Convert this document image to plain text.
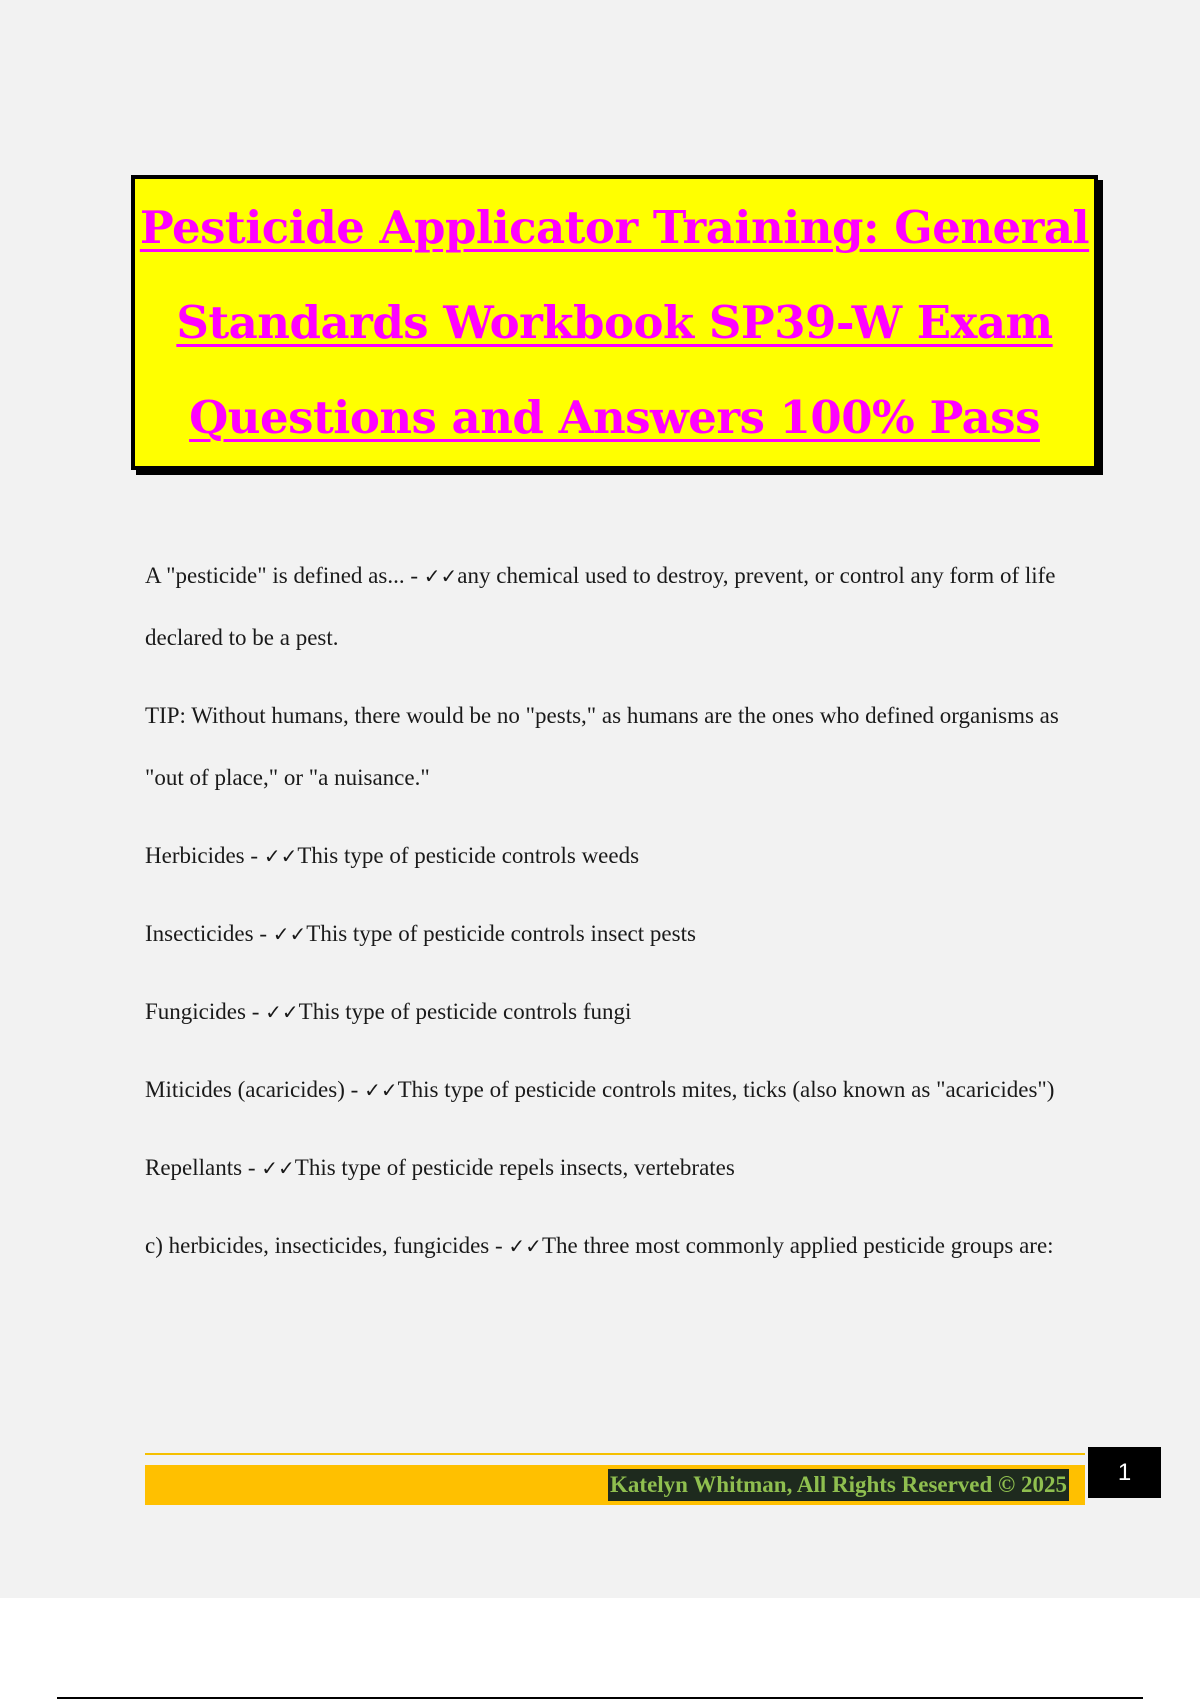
Pesticide Applicator Training: General Standards Workbook SP39-W Exam Questions and Answers 100% Pass

A "pesticide" is defined as... - ✓✓any chemical used to destroy, prevent, or control any form of life declared to be a pest.

TIP: Without humans, there would be no "pests," as humans are the ones who defined organisms as "out of place," or "a nuisance."

Herbicides - ✓✓This type of pesticide controls weeds

Insecticides - ✓✓This type of pesticide controls insect pests

Fungicides - ✓✓This type of pesticide controls fungi

Miticides (acaricides) - ✓✓This type of pesticide controls mites, ticks (also known as "acaricides")

Repellants - ✓✓This type of pesticide repels insects, vertebrates

c) herbicides, insecticides, fungicides - ✓✓The three most commonly applied pesticide groups are:

Katelyn Whitman, All Rights Reserved © 2025	1
